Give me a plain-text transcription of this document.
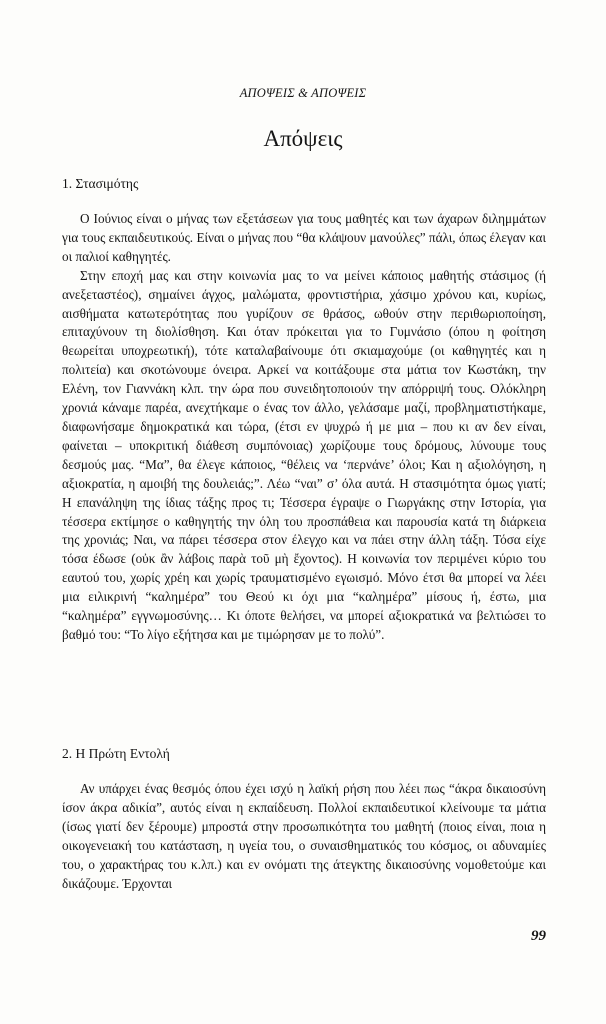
ΑΠΟΨΕΙΣ & ΑΠΟΨΕΙΣ
Απόψεις
1. Στασιμότης

Ο Ιούνιος είναι ο μήνας των εξετάσεων για τους μαθητές και των άχαρων διλημμάτων για τους εκπαιδευτικούς. Είναι ο μήνας που “θα κλάψουν μανούλες” πάλι, όπως έλεγαν και οι παλιοί καθηγητές.

Στην εποχή μας και στην κοινωνία μας το να μείνει κάποιος μαθητής στάσιμος (ή ανεξεταστέος), σημαίνει άγχος, μαλώματα, φροντιστήρια, χάσιμο χρόνου και, κυρίως, αισθήματα κατωτερότητας που γυρίζουν σε θράσος, ωθούν στην περιθωριοποίηση, επιταχύνουν τη διολίσθηση. Και όταν πρόκειται για το Γυμνάσιο (όπου η φοίτηση θεωρείται υποχρεωτική), τότε καταλαβαίνουμε ότι σκιαμαχούμε (οι καθηγητές και η πολιτεία) και σκοτώνουμε όνειρα. Αρκεί να κοιτάξουμε στα μάτια τον Κωστάκη, την Ελένη, τον Γιαννάκη κλπ. την ώρα που συνειδητοποιούν την απόρριψή τους. Ολόκληρη χρονιά κάναμε παρέα, ανεχτήκαμε ο ένας τον άλλο, γελάσαμε μαζί, προβληματιστήκαμε, διαφωνήσαμε δημοκρατικά και τώρα, (έτσι εν ψυχρώ ή με μια – που κι αν δεν είναι, φαίνεται – υποκριτική διάθεση συμπόνοιας) χωρίζουμε τους δρόμους, λύνουμε τους δεσμούς μας. “Μα”, θα έλεγε κάποιος, “θέλεις να ‘περνάνε’ όλοι; Και η αξιολόγηση, η αξιοκρατία, η αμοιβή της δουλειάς;”. Λέω “ναι” σ’ όλα αυτά. Η στασιμότητα όμως γιατί; Η επανάληψη της ίδιας τάξης προς τι; Τέσσερα έγραψε ο Γιωργάκης στην Ιστορία, για τέσσερα εκτίμησε ο καθηγητής την όλη του προσπάθεια και παρουσία κατά τη διάρκεια της χρονιάς; Ναι, να πάρει τέσσερα στον έλεγχο και να πάει στην άλλη τάξη. Τόσα είχε τόσα έδωσε (οὐκ ἂν λάβοις παρὰ τοῦ μὴ ἔχοντος). Η κοινωνία τον περιμένει κύριο του εαυτού του, χωρίς χρέη και χωρίς τραυματισμένο εγωισμό. Μόνο έτσι θα μπορεί να λέει μια ειλικρινή “καλημέρα” του Θεού κι όχι μια “καλημέρα” μίσους ή, έστω, μια “καλημέρα” εγγνωμοσύνης… Κι όποτε θελήσει, να μπορεί αξιοκρατικά να βελτιώσει το βαθμό του: “Το λίγο εξήτησα και με τιμώρησαν με το πολύ”.

2. Η Πρώτη Εντολή

Αν υπάρχει ένας θεσμός όπου έχει ισχύ η λαϊκή ρήση που λέει πως “άκρα δικαιοσύνη ίσον άκρα αδικία”, αυτός είναι η εκπαίδευση. Πολλοί εκπαιδευτικοί κλείνουμε τα μάτια (ίσως γιατί δεν ξέρουμε) μπροστά στην προσωπικότητα του μαθητή (ποιος είναι, ποια η οικογενειακή του κατάσταση, η υγεία του, ο συναισθηματικός του κόσμος, οι αδυναμίες του, ο χαρακτήρας του κ.λπ.) και εν ονόματι της άτεγκτης δικαιοσύνης νομοθετούμε και δικάζουμε. Έρχονται

99
